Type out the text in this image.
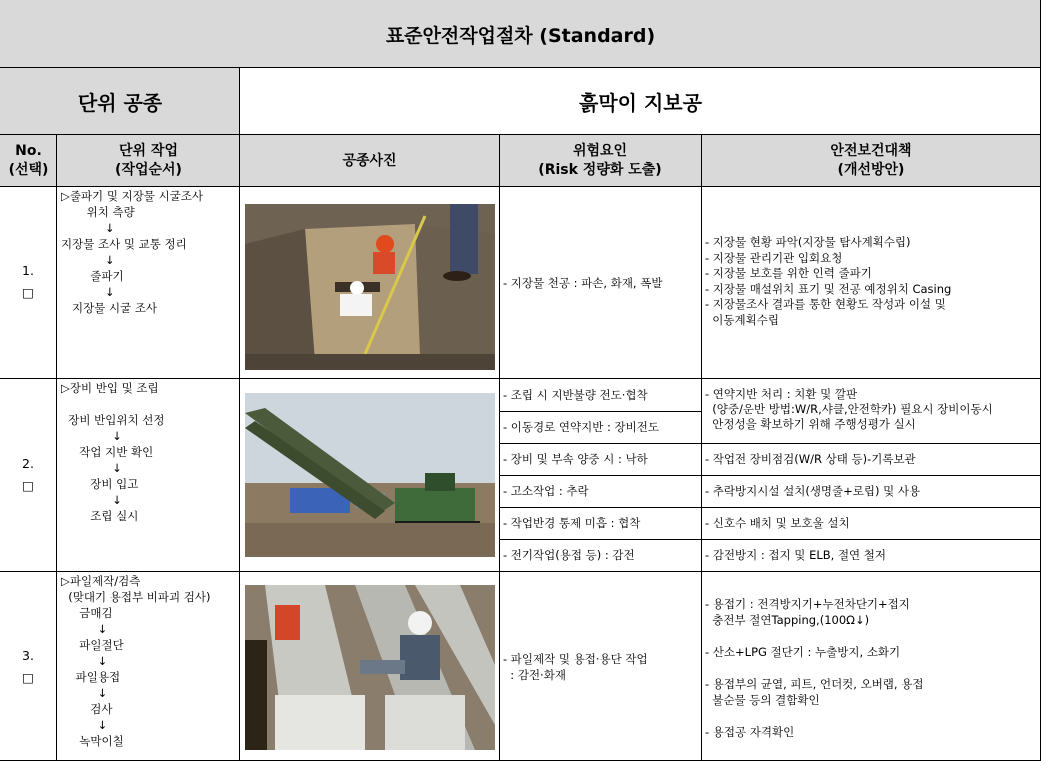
표준안전작업절차 (Standard)
단위 공종	흙막이 지보공
No.
(선택)
단위 작업
(작업순서)
공종사진
위험요인
(Risk 정량화 도출)
안전보건대책
(개선방안)
1.
□
▷줄파기 및 지장물 시굴조사
위치 측량
↓
지장물 조사 및 교통 정리
↓
줄파기
↓
지장물 시굴 조사
- 지장물 천공 : 파손, 화재, 폭발
- 지장물 현황 파악(지장물 탐사계획수립)
- 지장물 관리기관 입회요청
- 지장물 보호를 위한 인력 줄파기
- 지장물 매설위치 표기 및 전공 예정위치 Casing
- 지장물조사 결과를 통한 현황도 작성과 이설 및
이동계획수립
2.
□
▷장비 반입 및 조립

장비 반입위치 선정
↓
작업 지반 확인
↓
장비 입고
↓
조립 실시
- 조립 시 지반불량 전도·협착
- 이동경로 연약지반 : 장비전도
- 장비 및 부속 양중 시 : 낙하
- 고소작업 : 추락
- 작업반경 통제 미흡 : 협착
- 전기작업(용접 등) : 감전
- 연약지반 처리 : 치환 및 깔판
(양중/운반 방법:W/R,샤클,안전학카) 필요시 장비이동시
안정성을 확보하기 위해 주행성평가 실시
- 작업전 장비점검(W/R 상태 등)-기록보관
- 추락방지시설 설치(생명줄+로립) 및 사용
- 신호수 배치 및 보호울 설치
- 감전방지 : 접지 및 ELB, 절연 철저
3.
□
▷파일제작/검측
(맞대기 용접부 비파괴 검사)
금매김
↓
파일절단
↓
파일용접
↓
검사
↓
녹막이칠
- 파일제작 및 용접·용단 작업
: 감전·화재
- 용접기 : 전격방지기+누전차단기+접지
충전부 절연Tapping,(100Ω↓)

- 산소+LPG 절단기 : 누출방지, 소화기

- 용접부의 균열, 피트, 언더컷, 오버랩, 용접
불순물 등의 결함확인

- 용접공 자격확인
